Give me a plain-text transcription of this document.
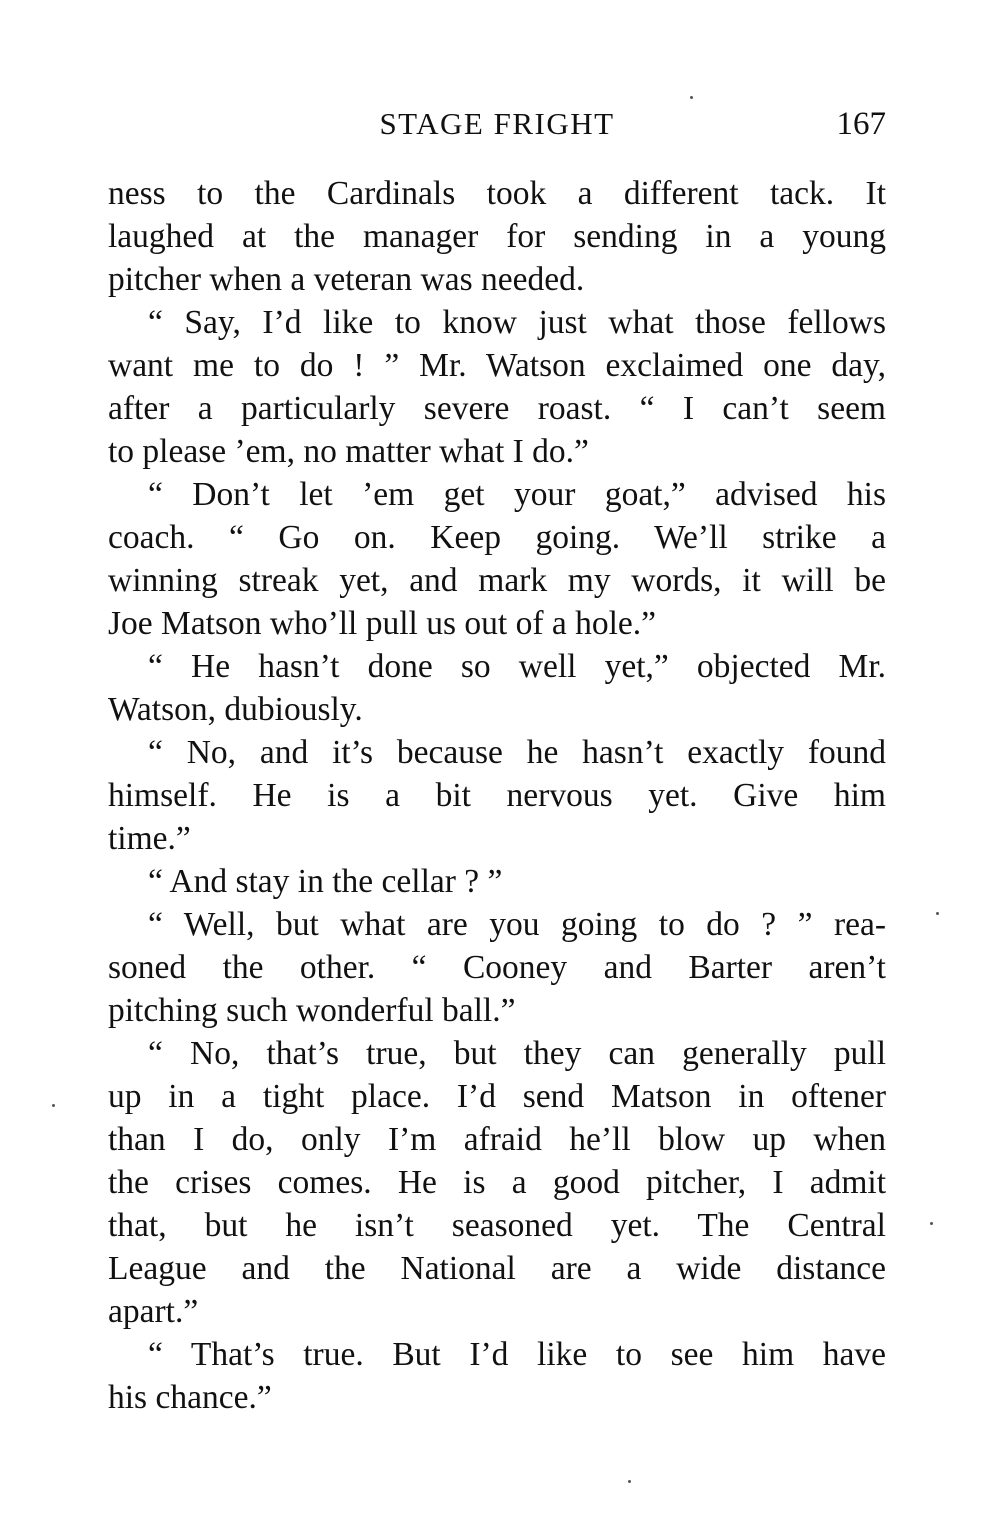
STAGE FRIGHT	167
ness to the Cardinals took a different tack. It
laughed at the manager for sending in a young
pitcher when a veteran was needed.
“ Say, I’d like to know just what those fellows
want me to do ! ” Mr. Watson exclaimed one day,
after a particularly severe roast. “ I can’t seem
to please ’em, no matter what I do.”
“ Don’t let ’em get your goat,” advised his
coach. “ Go on. Keep going. We’ll strike a
winning streak yet, and mark my words, it will be
Joe Matson who’ll pull us out of a hole.”
“ He hasn’t done so well yet,” objected Mr.
Watson, dubiously.
“ No, and it’s because he hasn’t exactly found
himself. He is a bit nervous yet. Give him
time.”
“ And stay in the cellar ? ”
“ Well, but what are you going to do ? ” rea-
soned the other. “ Cooney and Barter aren’t
pitching such wonderful ball.”
“ No, that’s true, but they can generally pull
up in a tight place. I’d send Matson in oftener
than I do, only I’m afraid he’ll blow up when
the crises comes. He is a good pitcher, I admit
that, but he isn’t seasoned yet. The Central
League and the National are a wide distance
apart.”
“ That’s true. But I’d like to see him have
his chance.”
